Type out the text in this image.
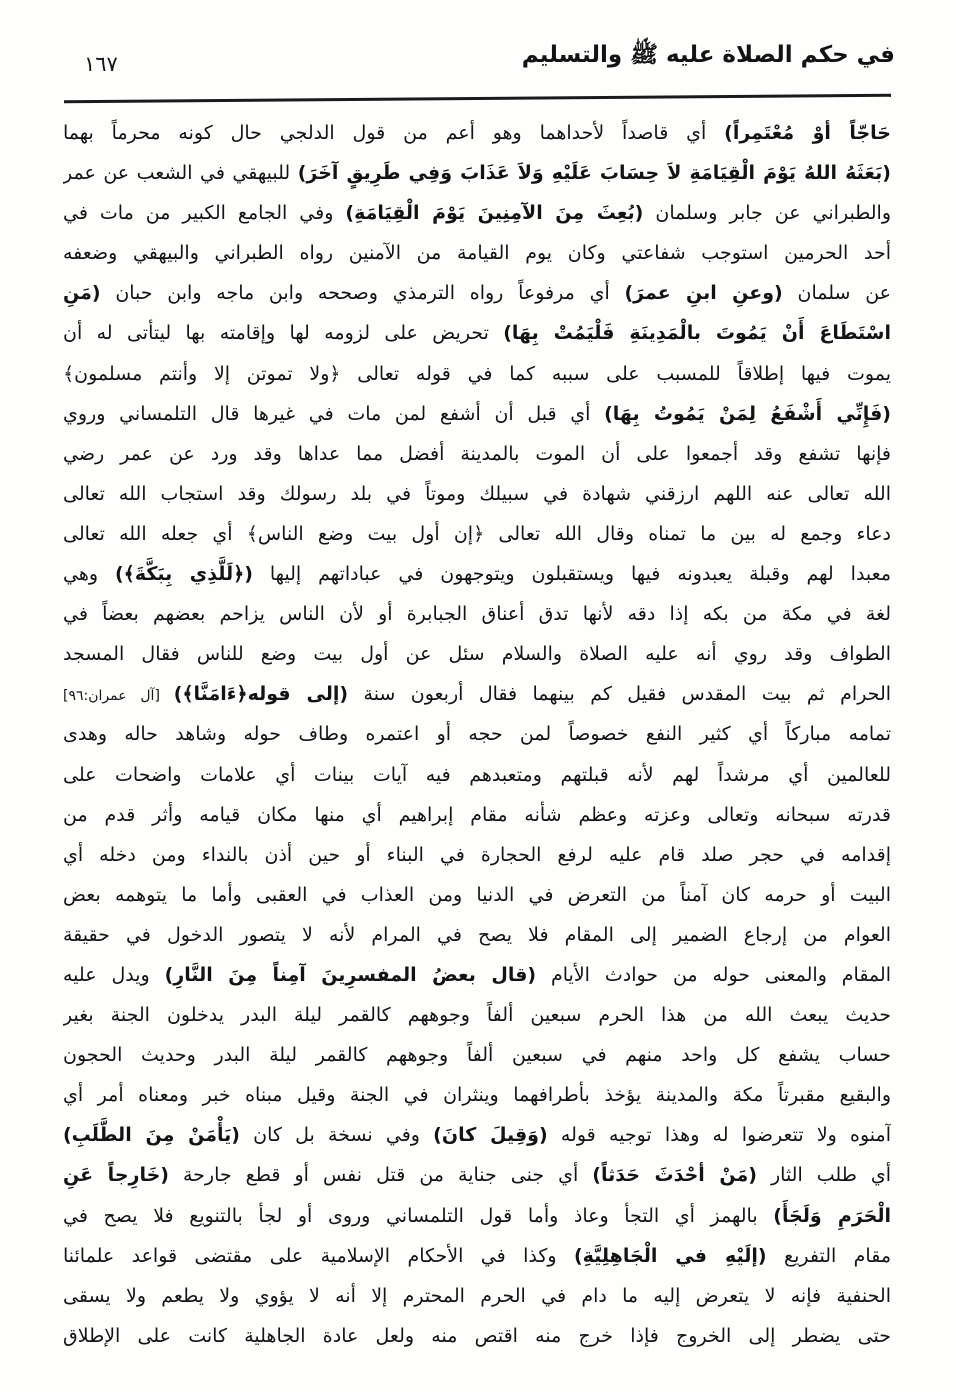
في حكم الصلاة عليه ﷺ والتسليم
١٦٧
حَاجّاً أوْ مُعْتَمِراً) أي قاصداً لأحداهما وهو أعم من قول الدلجي حال كونه محرماً بهما
(بَعَثَهُ اللهُ يَوْمَ الْقِيَامَةِ لاَ حِسَابَ عَلَيْهِ وَلاَ عَذَابَ وَفِي طَرِيقٍ آخَرَ) للبيهقي في الشعب عن عمر
والطبراني عن جابر وسلمان (بُعِثَ مِنَ الآمِنِينَ يَوْمَ الْقِيَامَةِ) وفي الجامع الكبير من مات في
أحد الحرمين استوجب شفاعتي وكان يوم القيامة من الآمنين رواه الطبراني والبيهقي وضعفه
عن سلمان (وعنِ ابنِ عمرَ) أي مرفوعاً رواه الترمذي وصححه وابن ماجه وابن حبان (مَنِ
اسْتَطَاعَ أَنْ يَمُوتَ بالْمَدِينَةِ فَلْيَمُتْ بِهَا) تحريض على لزومه لها وإقامته بها ليتأتى له أن
يموت فيها إطلاقاً للمسبب على سببه كما في قوله تعالى ﴿ولا تموتن إلا وأنتم مسلمون﴾
(فَإِنِّي أَشْفَعُ لِمَنْ يَمُوتُ بِهَا) أي قبل أن أشفع لمن مات في غيرها قال التلمساني وروي
فإنها تشفع وقد أجمعوا على أن الموت بالمدينة أفضل مما عداها وقد ورد عن عمر رضي
الله تعالى عنه اللهم ارزقني شهادة في سبيلك وموتاً في بلد رسولك وقد استجاب الله تعالى
دعاء وجمع له بين ما تمناه وقال الله تعالى ﴿إن أول بيت وضع الناس﴾ أي جعله الله تعالى
معبدا لهم وقبلة يعبدونه فيها ويستقبلون ويتوجهون في عباداتهم إليها (﴿لَلَّذِي بِبَكَّةَ﴾) وهي
لغة في مكة من بكه إذا دقه لأنها تدق أعناق الجبابرة أو لأن الناس يزاحم بعضهم بعضاً في
الطواف وقد روي أنه عليه الصلاة والسلام سئل عن أول بيت وضع للناس فقال المسجد
الحرام ثم بيت المقدس فقيل كم بينهما فقال أربعون سنة (إلى قوله﴿ءَامَنَّا﴾) [آل عمران:٩٦]
تمامه مباركاً أي كثير النفع خصوصاً لمن حجه أو اعتمره وطاف حوله وشاهد حاله وهدى
للعالمين أي مرشداً لهم لأنه قبلتهم ومتعبدهم فيه آيات بينات أي علامات واضحات على
قدرته سبحانه وتعالى وعزته وعظم شأنه مقام إبراهيم أي منها مكان قيامه وأثر قدم من
إقدامه في حجر صلد قام عليه لرفع الحجارة في البناء أو حين أذن بالنداء ومن دخله أي
البيت أو حرمه كان آمناً من التعرض في الدنيا ومن العذاب في العقبى وأما ما يتوهمه بعض
العوام من إرجاع الضمير إلى المقام فلا يصح في المرام لأنه لا يتصور الدخول في حقيقة
المقام والمعنى حوله من حوادث الأيام (قال بعضُ المفسرِينَ آمِناً مِنَ النَّارِ) ويدل عليه
حديث يبعث الله من هذا الحرم سبعين ألفاً وجوههم كالقمر ليلة البدر يدخلون الجنة بغير
حساب يشفع كل واحد منهم في سبعين ألفاً وجوههم كالقمر ليلة البدر وحديث الحجون
والبقيع مقبرتاً مكة والمدينة يؤخذ بأطرافهما وينثران في الجنة وقيل مبناه خبر ومعناه أمر أي
آمنوه ولا تتعرضوا له وهذا توجيه قوله (وَقِيلَ كانَ) وفي نسخة بل كان (يَأْمَنْ مِنَ الطَّلَبِ)
أي طلب الثار (مَنْ أحْدَثَ حَدَثاً) أي جنى جناية من قتل نفس أو قطع جارحة (خَارِجاً عَنِ
الْحَرَمِ وَلَجَأَ) بالهمز أي التجأ وعاذ وأما قول التلمساني وروى أو لجأ بالتنويع فلا يصح في
مقام التفريع (إلَيْهِ في الْجَاهِلِيَّةِ) وكذا في الأحكام الإسلامية على مقتضى قواعد علمائنا
الحنفية فإنه لا يتعرض إليه ما دام في الحرم المحترم إلا أنه لا يؤوي ولا يطعم ولا يسقى
حتى يضطر إلى الخروج فإذا خرج منه اقتص منه ولعل عادة الجاهلية كانت على الإطلاق
